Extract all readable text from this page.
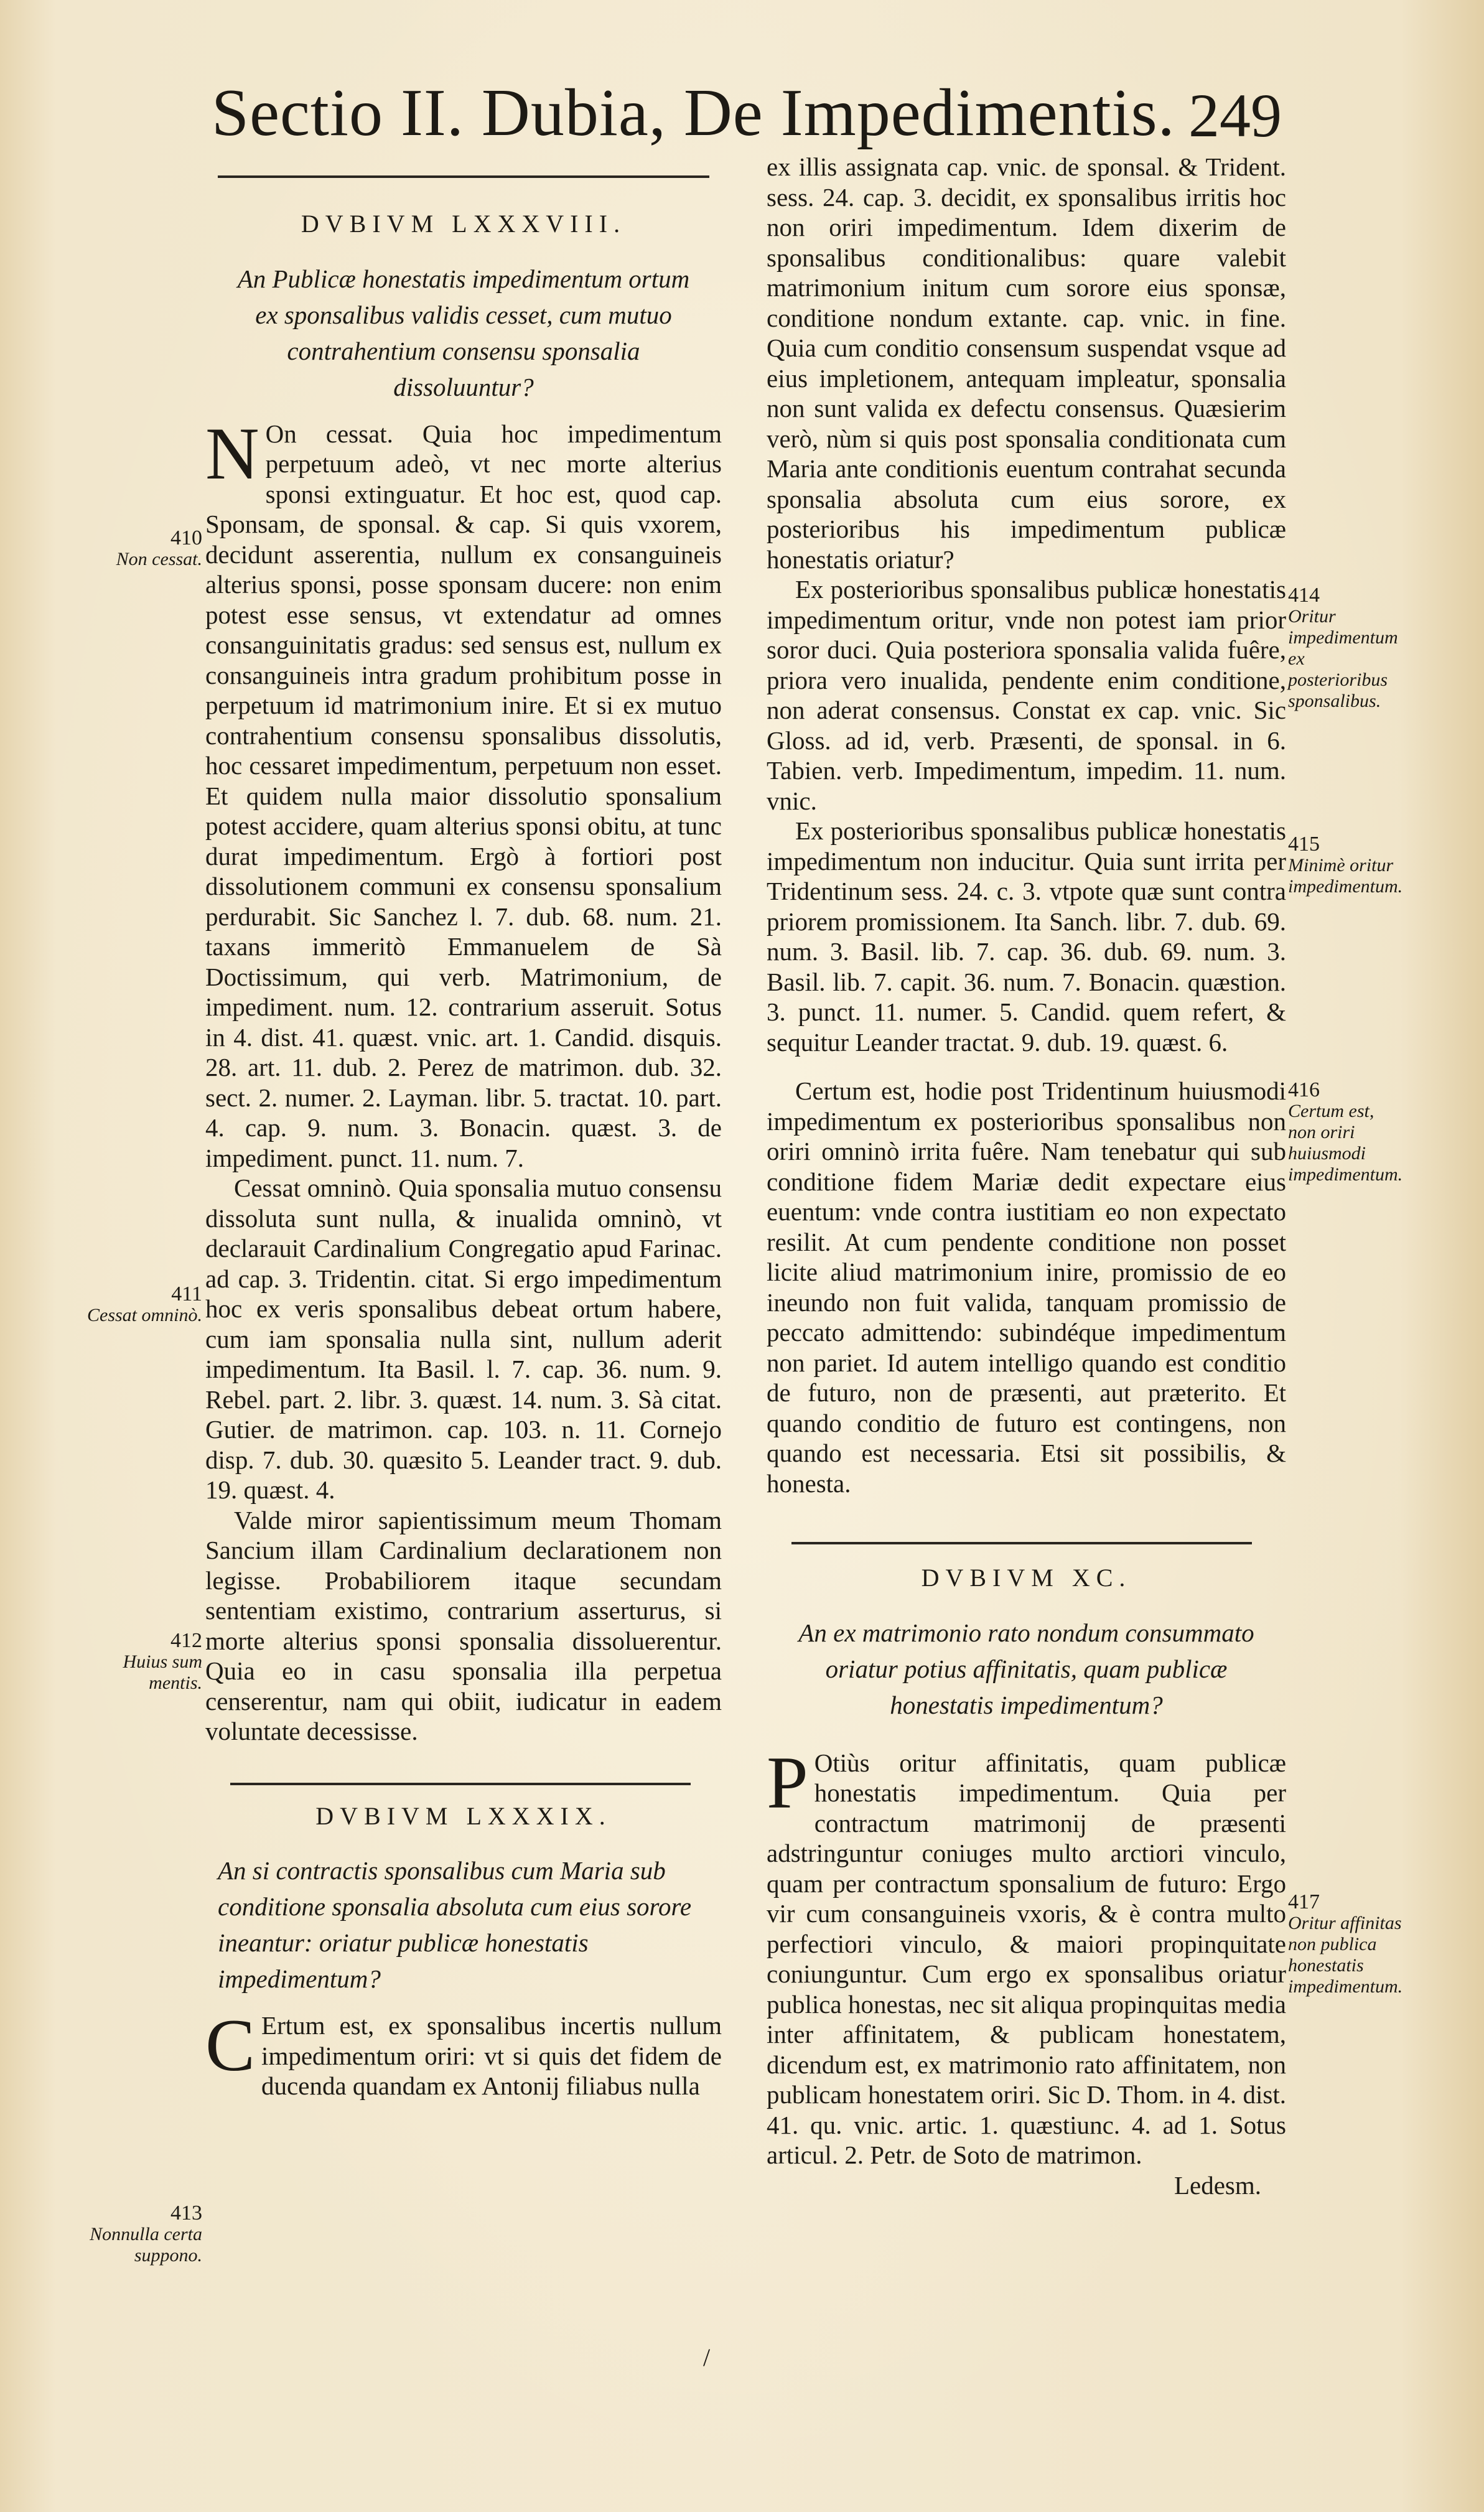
Sectio II. Dubia, De Impedimentis. 249
DVBIVM LXXXVIII.
An Publicæ honestatis impedimentum ortum ex sponsalibus validis cesset, cum mutuo contrahentium consensu sponsalia dissoluuntur?

N On cessat. Quia hoc impedimentum perpetuum adeò, vt nec morte alterius sponsi extinguatur. Et hoc est, quod cap. Sponsam, de sponsal. & cap. Si quis vxorem, decidunt asserentia, nullum ex consanguineis alterius sponsi, posse sponsam ducere: non enim potest esse sensus, vt extendatur ad omnes consanguinitatis gradus: sed sensus est, nullum ex consanguineis intra gradum prohibitum posse in perpetuum id matrimonium inire. Et si ex mutuo contrahentium consensu sponsalibus dissolutis, hoc cessaret impedimentum, perpetuum non esset. Et quidem nulla maior dissolutio sponsalium potest accidere, quam alterius sponsi obitu, at tunc durat impedimentum. Ergò à fortiori post dissolutionem communi ex consensu sponsalium perdurabit. Sic Sanchez l. 7. dub. 68. num. 21. taxans immeritò Emmanuelem de Sà Doctissimum, qui verb. Matrimonium, de impediment. num. 12. contrarium asseruit. Sotus in 4. dist. 41. quæst. vnic. art. 1. Candid. disquis. 28. art. 11. dub. 2. Perez de matrimon. dub. 32. sect. 2. numer. 2. Layman. libr. 5. tractat. 10. part. 4. cap. 9. num. 3. Bonacin. quæst. 3. de impediment. punct. 11. num. 7.

Cessat omninò. Quia sponsalia mutuo consensu dissoluta sunt nulla, & inualida omninò, vt declarauit Cardinalium Congregatio apud Farinac. ad cap. 3. Tridentin. citat. Si ergo impedimentum hoc ex veris sponsalibus debeat ortum habere, cum iam sponsalia nulla sint, nullum aderit impedimentum. Ita Basil. l. 7. cap. 36. num. 9. Rebel. part. 2. libr. 3. quæst. 14. num. 3. Sà citat. Gutier. de matrimon. cap. 103. n. 11. Cornejo disp. 7. dub. 30. quæsito 5. Leander tract. 9. dub. 19. quæst. 4.

Valde miror sapientissimum meum Thomam Sancium illam Cardinalium declarationem non legisse. Probabiliorem itaque secundam sententiam existimo, contrarium asserturus, si morte alterius sponsi sponsalia dissoluerentur. Quia eo in casu sponsalia illa perpetua censerentur, nam qui obiit, iudicatur in eadem voluntate decessisse.

DVBIVM LXXXIX.
An si contractis sponsalibus cum Maria sub conditione sponsalia absoluta cum eius sorore ineantur: oriatur publicæ honestatis impedimentum?

C Ertum est, ex sponsalibus incertis nullum impedimentum oriri: vt si quis det fidem de ducenda quandam ex Antonij filiabus nulla

410
Non cessat.
411
Cessat omninò.
412
Huius sum mentis.
413
Nonnulla certa suppono.

ex illis assignata cap. vnic. de sponsal. & Trident. sess. 24. cap. 3. decidit, ex sponsalibus irritis hoc non oriri impedimentum. Idem dixerim de sponsalibus conditionalibus: quare valebit matrimonium initum cum sorore eius sponsæ, conditione nondum extante. cap. vnic. in fine. Quia cum conditio consensum suspendat vsque ad eius impletionem, antequam impleatur, sponsalia non sunt valida ex defectu consensus. Quæsierim verò, nùm si quis post sponsalia conditionata cum Maria ante conditionis euentum contrahat secunda sponsalia absoluta cum eius sorore, ex posterioribus his impedimentum publicæ honestatis oriatur?

Ex posterioribus sponsalibus publicæ honestatis impedimentum oritur, vnde non potest iam prior soror duci. Quia posteriora sponsalia valida fuêre, priora vero inualida, pendente enim conditione, non aderat consensus. Constat ex cap. vnic. Sic Gloss. ad id, verb. Præsenti, de sponsal. in 6. Tabien. verb. Impedimentum, impedim. 11. num. vnic.

Ex posterioribus sponsalibus publicæ honestatis impedimentum non inducitur. Quia sunt irrita per Tridentinum sess. 24. c. 3. vtpote quæ sunt contra priorem promissionem. Ita Sanch. libr. 7. dub. 69. num. 3. Basil. lib. 7. cap. 36. dub. 69. num. 3. Basil. lib. 7. capit. 36. num. 7. Bonacin. quæstion. 3. punct. 11. numer. 5. Candid. quem refert, & sequitur Leander tractat. 9. dub. 19. quæst. 6.

Certum est, hodie post Tridentinum huiusmodi impedimentum ex posterioribus sponsalibus non oriri omninò irrita fuêre. Nam tenebatur qui sub conditione fidem Mariæ dedit expectare eius euentum: vnde contra iustitiam eo non expectato resilit. At cum pendente conditione non posset licite aliud matrimonium inire, promissio de eo ineundo non fuit valida, tanquam promissio de peccato admittendo: subindéque impedimentum non pariet. Id autem intelligo quando est conditio de futuro, non de præsenti, aut præterito. Et quando conditio de futuro est contingens, non quando est necessaria. Etsi sit possibilis, & honesta.

DVBIVM XC.
An ex matrimonio rato nondum consummato oriatur potius affinitatis, quam publicæ honestatis impedimentum?

P Otiùs oritur affinitatis, quam publicæ honestatis impedimentum. Quia per contractum matrimonij de præsenti adstringuntur coniuges multo arctiori vinculo, quam per contractum sponsalium de futuro: Ergo vir cum consanguineis vxoris, & è contra multo perfectiori vinculo, & maiori propinquitate coniunguntur. Cum ergo ex sponsalibus oriatur publica honestas, nec sit aliqua propinquitas media inter affinitatem, & publicam honestatem, dicendum est, ex matrimonio rato affinitatem, non publicam honestatem oriri. Sic D. Thom. in 4. dist. 41. qu. vnic. artic. 1. quæstiunc. 4. ad 1. Sotus articul. 2. Petr. de Soto de matrimon.

Ledesm.
414
Oritur impedimentum ex posterioribus sponsalibus.
415
Minimè oritur impedimentum.
416
Certum est, non oriri huiusmodi impedimentum.
417
Oritur affinitas non publica honestatis impedimentum.
/
